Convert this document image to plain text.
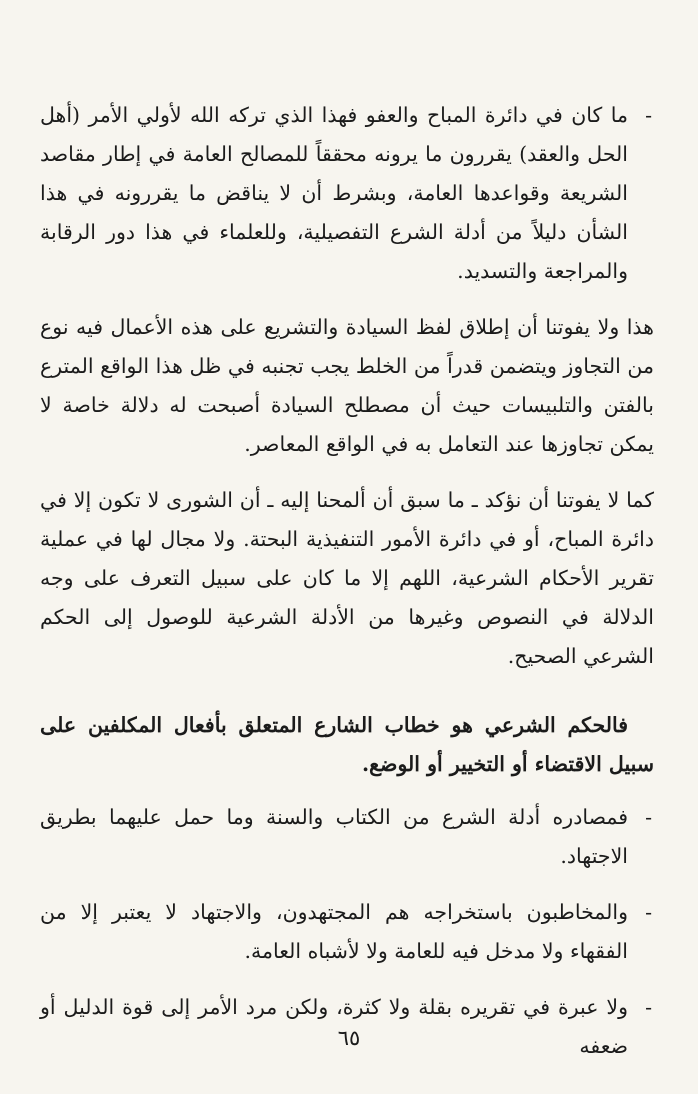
- ما كان في دائرة المباح والعفو فهذا الذي تركه الله لأولي الأمر (أهل الحل والعقد) يقررون ما يرونه محققاً للمصالح العامة في إطار مقاصد الشريعة وقواعدها العامة، وبشرط أن لا يناقض ما يقررونه في هذا الشأن دليلاً من أدلة الشرع التفصيلية، وللعلماء في هذا دور الرقابة والمراجعة والتسديد.

هذا ولا يفوتنا أن إطلاق لفظ السيادة والتشريع على هذه الأعمال فيه نوع من التجاوز ويتضمن قدراً من الخلط يجب تجنبه في ظل هذا الواقع المترع بالفتن والتلبيسات حيث أن مصطلح السيادة أصبحت له دلالة خاصة لا يمكن تجاوزها عند التعامل به في الواقع المعاصر.

كما لا يفوتنا أن نؤكد ـ ما سبق أن ألمحنا إليه ـ أن الشورى لا تكون إلا في دائرة المباح، أو في دائرة الأمور التنفيذية البحتة. ولا مجال لها في عملية تقرير الأحكام الشرعية، اللهم إلا ما كان على سبيل التعرف على وجه الدلالة في النصوص وغيرها من الأدلة الشرعية للوصول إلى الحكم الشرعي الصحيح.

فالحكم الشرعي هو خطاب الشارع المتعلق بأفعال المكلفين على سبيل الاقتضاء أو التخيير أو الوضع.

- فمصادره أدلة الشرع من الكتاب والسنة وما حمل عليهما بطريق الاجتهاد.

- والمخاطبون باستخراجه هم المجتهدون، والاجتهاد لا يعتبر إلا من الفقهاء ولا مدخل فيه للعامة ولا لأشباه العامة.

- ولا عبرة في تقريره بقلة ولا كثرة، ولكن مرد الأمر إلى قوة الدليل أو ضعفه

٦٥
